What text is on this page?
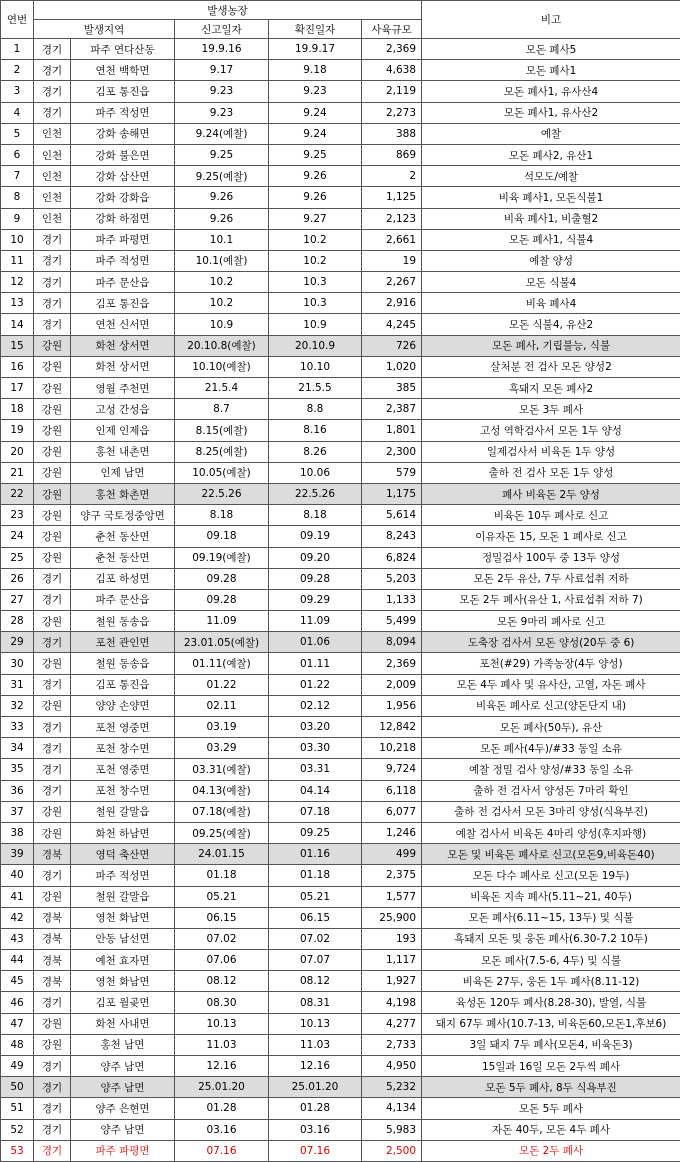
연번	발생농장					비고
	발생지역		신고일자	확진일자	사육규모	
1	경기	파주 연다산동	19.9.16	19.9.17	2,369	모돈 폐사5
2	경기	연천 백학면	9.17	9.18	4,638	모돈 폐사1
3	경기	김포 통진읍	9.23	9.23	2,119	모돈 폐사1, 유사산4
4	경기	파주 적성면	9.23	9.24	2,273	모돈 폐사1, 유사산2
5	인천	강화 송해면	9.24(예찰)	9.24	388	예찰
6	인천	강화 불은면	9.25	9.25	869	모돈 폐사2, 유산1
7	인천	강화 삼산면	9.25(예찰)	9.26	2	석모도/예찰
8	인천	강화 강화읍	9.26	9.26	1,125	비육 폐사1, 모돈식불1
9	인천	강화 하점면	9.26	9.27	2,123	비육 폐사1, 비출혈2
10	경기	파주 파평면	10.1	10.2	2,661	모돈 폐사1, 식불4
11	경기	파주 적성면	10.1(예찰)	10.2	19	예찰 양성
12	경기	파주 문산읍	10.2	10.3	2,267	모돈 식불4
13	경기	김포 통진읍	10.2	10.3	2,916	비육 폐사4
14	경기	연천 신서면	10.9	10.9	4,245	모돈 식불4, 유산2
15	강원	화천 상서면	20.10.8(예찰)	20.10.9	726	모돈 폐사, 기립불능, 식불
16	강원	화천 상서면	10.10(예찰)	10.10	1,020	살처분 전 검사 모돈 양성2
17	강원	영월 주천면	21.5.4	21.5.5	385	흑돼지 모돈 폐사2
18	강원	고성 간성읍	8.7	8.8	2,387	모돈 3두 폐사
19	강원	인제 인제읍	8.15(예찰)	8.16	1,801	고성 역학검사서 모돈 1두 양성
20	강원	홍천 내촌면	8.25(예찰)	8.26	2,300	일제검사서 비육돈 1두 양성
21	강원	인제 남면	10.05(예찰)	10.06	579	출하 전 검사 모돈 1두 양성
22	강원	홍천 화촌면	22.5.26	22.5.26	1,175	폐사 비육돈 2두 양성
23	강원	양구 국토정중앙면	8.18	8.18	5,614	비육돈 10두 폐사로 신고
24	강원	춘천 동산면	09.18	09.19	8,243	이유자돈 15, 모돈 1 폐사로 신고
25	강원	춘천 동산면	09.19(예찰)	09.20	6,824	정밀검사 100두 중 13두 양성
26	경기	김포 하성면	09.28	09.28	5,203	모돈 2두 유산, 7두 사료섭취 저하
27	경기	파주 문산읍	09.28	09.29	1,133	모돈 2두 폐사(유산 1, 사료섭취 저하 7)
28	강원	철원 동송읍	11.09	11.09	5,499	모돈 9마리 폐사로 신고
29	경기	포천 관인면	23.01.05(예찰)	01.06	8,094	도축장 검사서 모돈 양성(20두 중 6)
30	강원	철원 동송읍	01.11(예찰)	01.11	2,369	포천(#29) 가족농장(4두 양성)
31	경기	김포 통진읍	01.22	01.22	2,009	모돈 4두 폐사 및 유사산, 고열, 자돈 폐사
32	강원	양양 손양면	02.11	02.12	1,956	비육돈 폐사로 신고(양돈단지 내)
33	경기	포천 영중면	03.19	03.20	12,842	모돈 폐사(50두), 유산
34	경기	포천 창수면	03.29	03.30	10,218	모돈 폐사(4두)/#33 동일 소유
35	경기	포천 영중면	03.31(예찰)	03.31	9,724	예찰 정밀 검사 양성/#33 동일 소유
36	경기	포천 창수면	04.13(예찰)	04.14	6,118	출하 전 검사서 양성돈 7마리 확인
37	강원	철원 갈말읍	07.18(예찰)	07.18	6,077	출하 전 검사서 모돈 3마리 양성(식욕부진)
38	강원	화천 하남면	09.25(예찰)	09.25	1,246	예찰 검사서 비육돈 4마리 양성(후지파행)
39	경북	영덕 축산면	24.01.15	01.16	499	모돈 및 비육돈 폐사로 신고(모돈9,비육돈40)
40	경기	파주 적성면	01.18	01.18	2,375	모돈 다수 폐사로 신고(모돈 19두)
41	강원	철원 갈말읍	05.21	05.21	1,577	비육돈 지속 폐사(5.11~21, 40두)
42	경북	영천 화남면	06.15	06.15	25,900	모돈 폐사(6.11~15, 13두) 및 식불
43	경북	안동 남선면	07.02	07.02	193	흑돼지 모돈 및 웅돈 폐사(6.30-7.2 10두)
44	경북	예천 효자면	07.06	07.07	1,117	모돈 폐사(7.5-6, 4두) 및 식불
45	경북	영천 화남면	08.12	08.12	1,927	비육돈 27두, 웅돈 1두 폐사(8.11-12)
46	경기	김포 월곶면	08.30	08.31	4,198	육성돈 120두 폐사(8.28-30), 발열, 식불
47	강원	화천 사내면	10.13	10.13	4,277	돼지 67두 폐사(10.7-13, 비육돈60,모돈1,후보6)
48	강원	홍천 남면	11.03	11.03	2,733	3일 돼지 7두 폐사(모돈4, 비육돈3)
49	경기	양주 남면	12.16	12.16	4,950	15일과 16일 모돈 2두씩 폐사
50	경기	양주 남면	25.01.20	25.01.20	5,232	모돈 5두 폐사, 8두 식욕부진
51	경기	양주 은현면	01.28	01.28	4,134	모돈 5두 폐사
52	경기	양주 남면	03.16	03.16	5,983	자돈 40두, 모돈 4두 폐사
53	경기	파주 파평면	07.16	07.16	2,500	모돈 2두 폐사
